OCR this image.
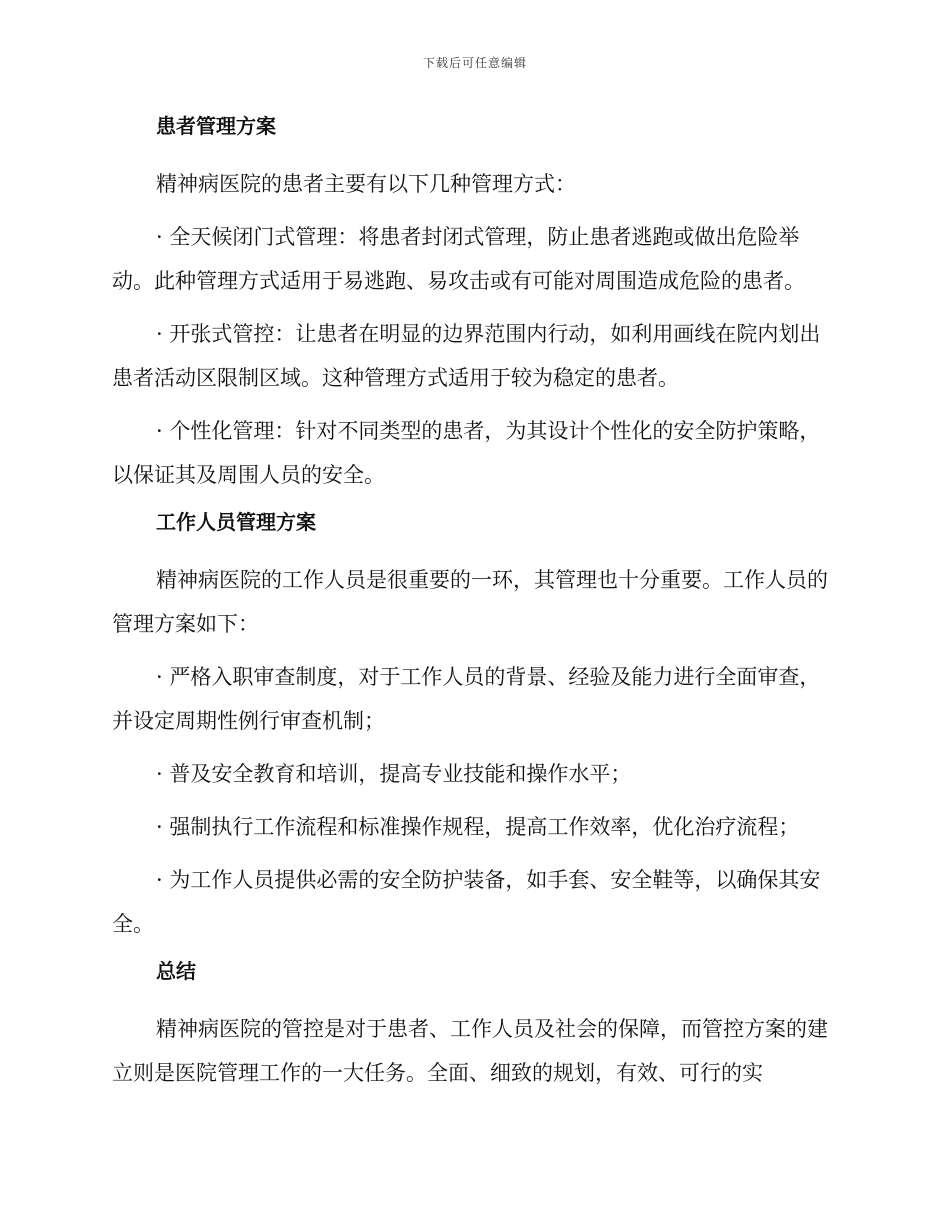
下载后可任意编辑

患者管理方案

精神病医院的患者主要有以下几种管理方式：

· 全天候闭门式管理：将患者封闭式管理，防止患者逃跑或做出危险举动。此种管理方式适用于易逃跑、易攻击或有可能对周围造成危险的患者。

· 开张式管控：让患者在明显的边界范围内行动，如利用画线在院内划出患者活动区限制区域。这种管理方式适用于较为稳定的患者。

· 个性化管理：针对不同类型的患者，为其设计个性化的安全防护策略，以保证其及周围人员的安全。

工作人员管理方案

精神病医院的工作人员是很重要的一环，其管理也十分重要。工作人员的管理方案如下：

· 严格入职审查制度，对于工作人员的背景、经验及能力进行全面审查，并设定周期性例行审查机制；

· 普及安全教育和培训，提高专业技能和操作水平；

· 强制执行工作流程和标准操作规程，提高工作效率，优化治疗流程；

· 为工作人员提供必需的安全防护装备，如手套、安全鞋等，以确保其安全。

总结

精神病医院的管控是对于患者、工作人员及社会的保障，而管控方案的建立则是医院管理工作的一大任务。全面、细致的规划，有效、可行的实
